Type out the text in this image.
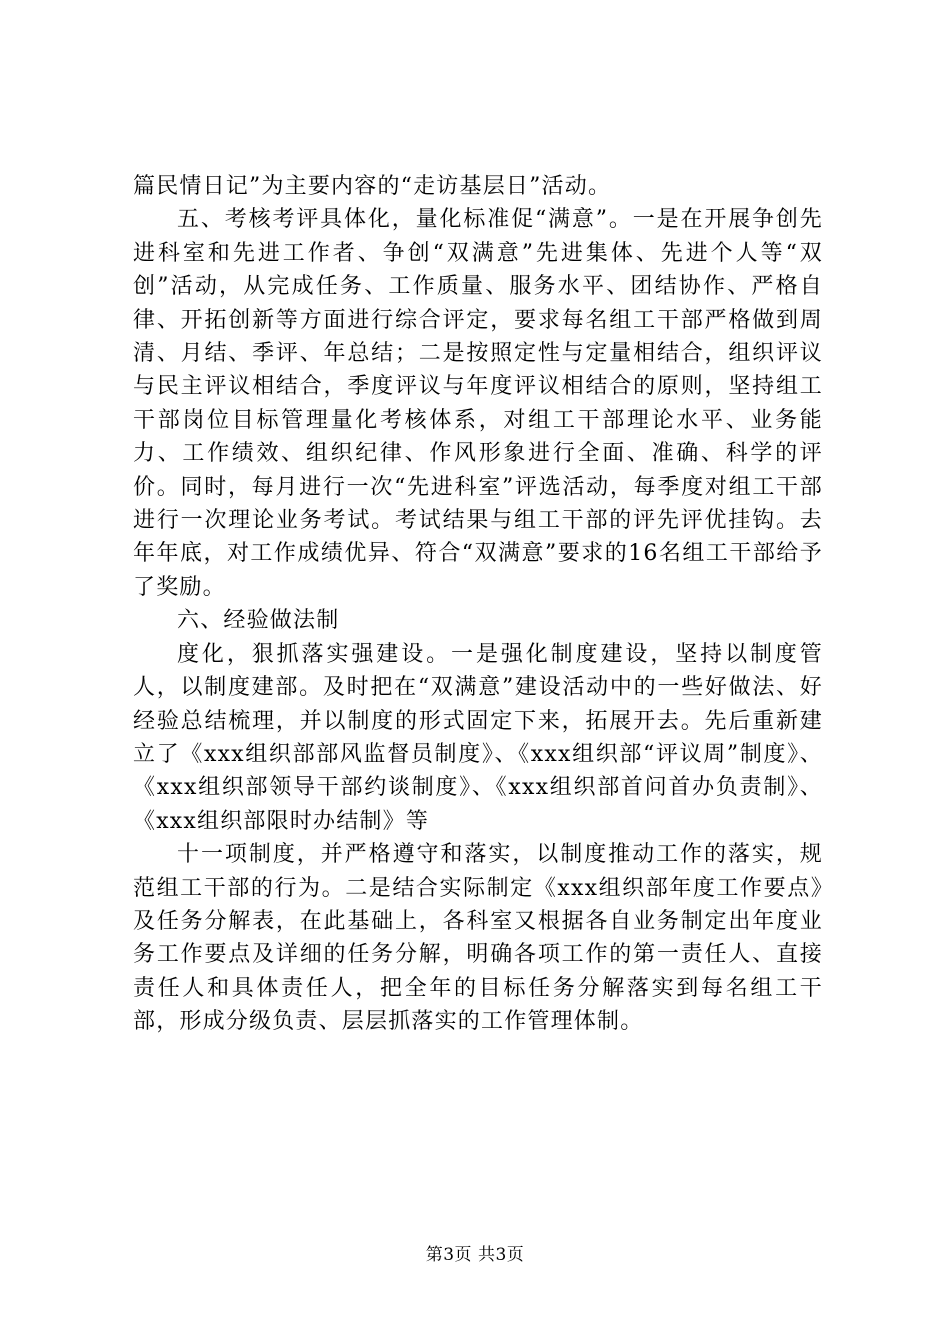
篇民情日记”为主要内容的“走访基层日”活动。

五、考核考评具体化，量化标准促“满意”。一是在开展争创先进科室和先进工作者、争创“双满意”先进集体、先进个人等“双创”活动，从完成任务、工作质量、服务水平、团结协作、严格自律、开拓创新等方面进行综合评定，要求每名组工干部严格做到周清、月结、季评、年总结；二是按照定性与定量相结合，组织评议与民主评议相结合，季度评议与年度评议相结合的原则，坚持组工干部岗位目标管理量化考核体系，对组工干部理论水平、业务能力、工作绩效、组织纪律、作风形象进行全面、准确、科学的评价。同时，每月进行一次“先进科室”评选活动，每季度对组工干部进行一次理论业务考试。考试结果与组工干部的评先评优挂钩。去年年底，对工作成绩优异、符合“双满意”要求的16名组工干部给予了奖励。

六、经验做法制

度化，狠抓落实强建设。一是强化制度建设，坚持以制度管人，以制度建部。及时把在“双满意”建设活动中的一些好做法、好经验总结梳理，并以制度的形式固定下来，拓展开去。先后重新建立了《xxx组织部部风监督员制度》、《xxx组织部“评议周”制度》、《xxx组织部领导干部约谈制度》、《xxx组织部首问首办负责制》、《xxx组织部限时办结制》等

十一项制度，并严格遵守和落实，以制度推动工作的落实，规范组工干部的行为。二是结合实际制定《xxx组织部年度工作要点》及任务分解表，在此基础上，各科室又根据各自业务制定出年度业务工作要点及详细的任务分解，明确各项工作的第一责任人、直接责任人和具体责任人，把全年的目标任务分解落实到每名组工干部，形成分级负责、层层抓落实的工作管理体制。

第3页 共3页
